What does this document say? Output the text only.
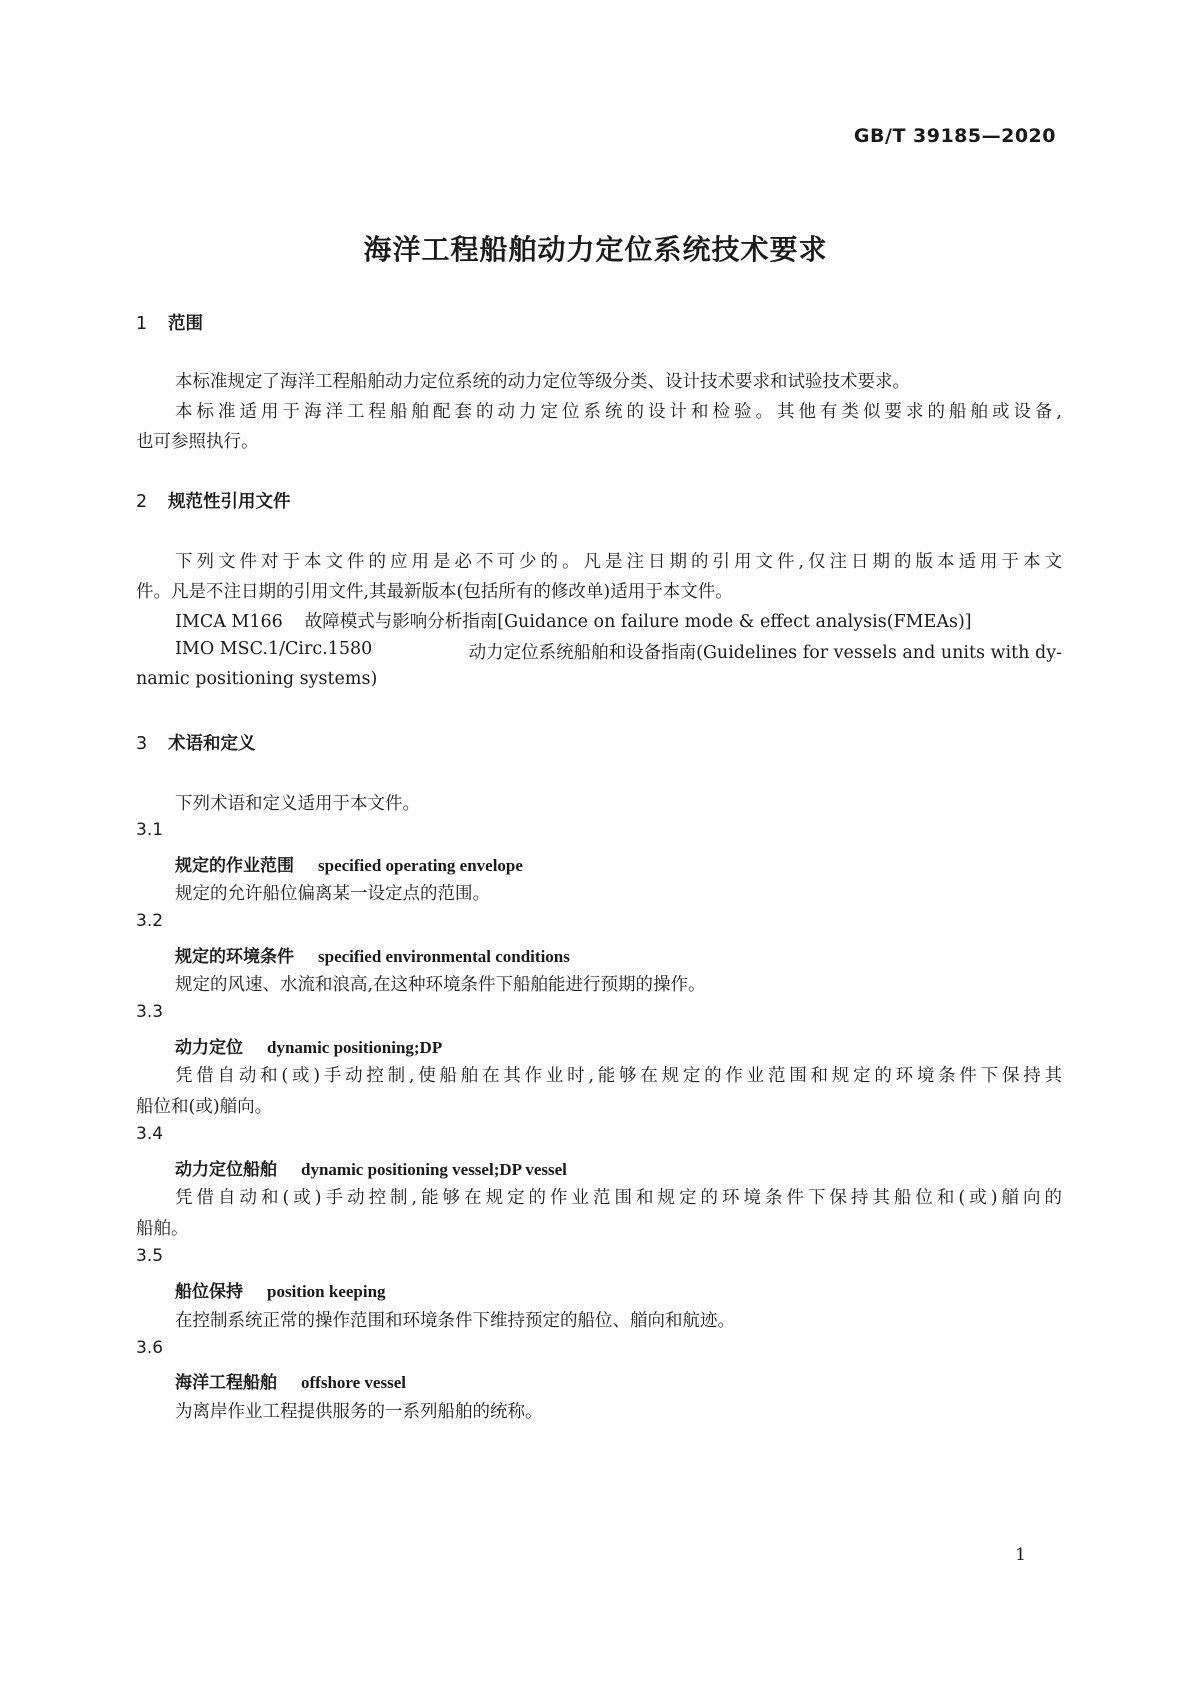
GB/T 39185—2020
海洋工程船舶动力定位系统技术要求
1 范围
本标准规定了海洋工程船舶动力定位系统的动力定位等级分类、设计技术要求和试验技术要求。
本标准适用于海洋工程船舶配套的动力定位系统的设计和检验。其他有类似要求的船舶或设备,
也可参照执行。
2 规范性引用文件
下列文件对于本文件的应用是必不可少的。凡是注日期的引用文件,仅注日期的版本适用于本文
件。凡是不注日期的引用文件,其最新版本(包括所有的修改单)适用于本文件。
IMCA M166 故障模式与影响分析指南[Guidance on failure mode & effect analysis(FMEAs)]
IMO MSC.1/Circ.1580	动力定位系统船舶和设备指南(Guidelines for vessels and units with dy-
namic positioning systems)
3 术语和定义
下列术语和定义适用于本文件。
3.1
规定的作业范围 specified operating envelope
规定的允许船位偏离某一设定点的范围。
3.2
规定的环境条件 specified environmental conditions
规定的风速、水流和浪高,在这种环境条件下船舶能进行预期的操作。
3.3
动力定位 dynamic positioning;DP
凭借自动和(或)手动控制,使船舶在其作业时,能够在规定的作业范围和规定的环境条件下保持其
船位和(或)艏向。
3.4
动力定位船舶 dynamic positioning vessel;DP vessel
凭借自动和(或)手动控制,能够在规定的作业范围和规定的环境条件下保持其船位和(或)艏向的
船舶。
3.5
船位保持 position keeping
在控制系统正常的操作范围和环境条件下维持预定的船位、艏向和航迹。
3.6
海洋工程船舶 offshore vessel
为离岸作业工程提供服务的一系列船舶的统称。
1
